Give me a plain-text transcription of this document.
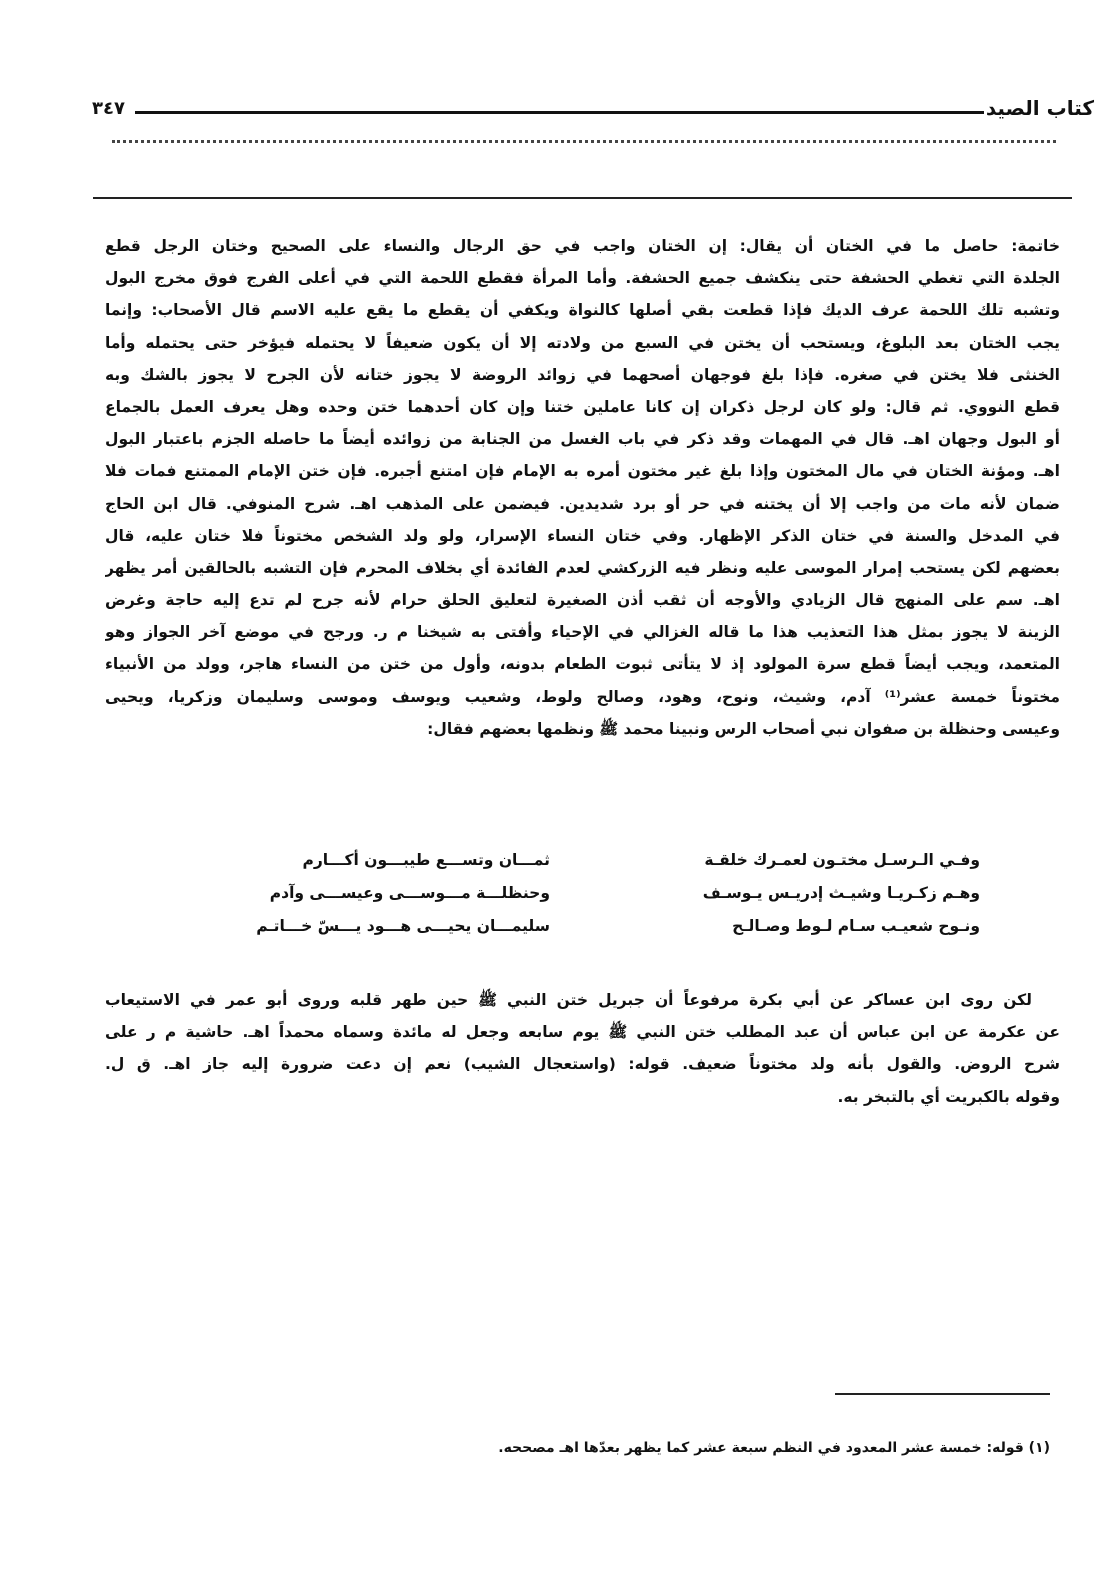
كتاب الصيد
٣٤٧
خاتمة: حاصل ما في الختان أن يقال: إن الختان واجب في حق الرجال والنساء على الصحيح وختان الرجل قطع
الجلدة التي تغطي الحشفة حتى ينكشف جميع الحشفة. وأما المرأة فقطع اللحمة التي في أعلى الفرج فوق مخرج البول
وتشبه تلك اللحمة عرف الديك فإذا قطعت بقي أصلها كالنواة ويكفي أن يقطع ما يقع عليه الاسم قال الأصحاب: وإنما
يجب الختان بعد البلوغ، ويستحب أن يختن في السبع من ولادته إلا أن يكون ضعيفاً لا يحتمله فيؤخر حتى يحتمله وأما
الخنثى فلا يختن في صغره. فإذا بلغ فوجهان أصحهما في زوائد الروضة لا يجوز ختانه لأن الجرح لا يجوز بالشك وبه
قطع النووي. ثم قال: ولو كان لرجل ذكران إن كانا عاملين ختنا وإن كان أحدهما ختن وحده وهل يعرف العمل بالجماع
أو البول وجهان اهـ. قال في المهمات وقد ذكر في باب الغسل من الجنابة من زوائده أيضاً ما حاصله الجزم باعتبار البول
اهـ. ومؤنة الختان في مال المختون وإذا بلغ غير مختون أمره به الإمام فإن امتنع أجبره. فإن ختن الإمام الممتنع فمات فلا
ضمان لأنه مات من واجب إلا أن يختنه في حر أو برد شديدين. فيضمن على المذهب اهـ. شرح المنوفي. قال ابن الحاج
في المدخل والسنة في ختان الذكر الإظهار. وفي ختان النساء الإسرار، ولو ولد الشخص مختوناً فلا ختان عليه، قال
بعضهم لكن يستحب إمرار الموسى عليه ونظر فيه الزركشي لعدم الفائدة أي بخلاف المحرم فإن التشبه بالحالقين أمر يظهر
اهـ. سم على المنهج قال الزيادي والأوجه أن ثقب أذن الصغيرة لتعليق الحلق حرام لأنه جرح لم تدع إليه حاجة وغرض
الزينة لا يجوز بمثل هذا التعذيب هذا ما قاله الغزالي في الإحياء وأفتى به شيخنا م ر. ورجح في موضع آخر الجواز وهو
المتعمد، ويجب أيضاً قطع سرة المولود إذ لا يتأتى ثبوت الطعام بدونه، وأول من ختن من النساء هاجر، وولد من الأنبياء
مختوناً خمسة عشر⁽¹⁾ آدم، وشيث، ونوح، وهود، وصالح ولوط، وشعيب ويوسف وموسى وسليمان وزكريا، ويحيى
وعيسى وحنظلة بن صفوان نبي أصحاب الرس ونبينا محمد ﷺ ونظمها بعضهم فقال:
وفـي الـرسـل مختـون لعمـرك خلقـة
ثمـــان وتســـع طيبـــون أكـــارم
وهـم زكـريـا وشيـث إدريـس يـوسـف
وحنظلـــة مـــوســـى وعيســـى وآدم
ونـوح شعيـب سـام لـوط وصـالـح
سليمـــان يحيـــى هـــود يـــسّ خـــاتـم
لكن روى ابن عساكر عن أبي بكرة مرفوعاً أن جبريل ختن النبي ﷺ حين طهر قلبه وروى أبو عمر في الاستيعاب
عن عكرمة عن ابن عباس أن عبد المطلب ختن النبي ﷺ يوم سابعه وجعل له مائدة وسماه محمداً اهـ. حاشية م ر على
شرح الروض. والقول بأنه ولد مختوناً ضعيف. قوله: (واستعجال الشيب) نعم إن دعت ضرورة إليه جاز اهـ. ق ل.
وقوله بالكبريت أي بالتبخر به.
(١) قوله: خمسة عشر المعدود في النظم سبعة عشر كما يظهر بعدّها اهـ مصححه.
